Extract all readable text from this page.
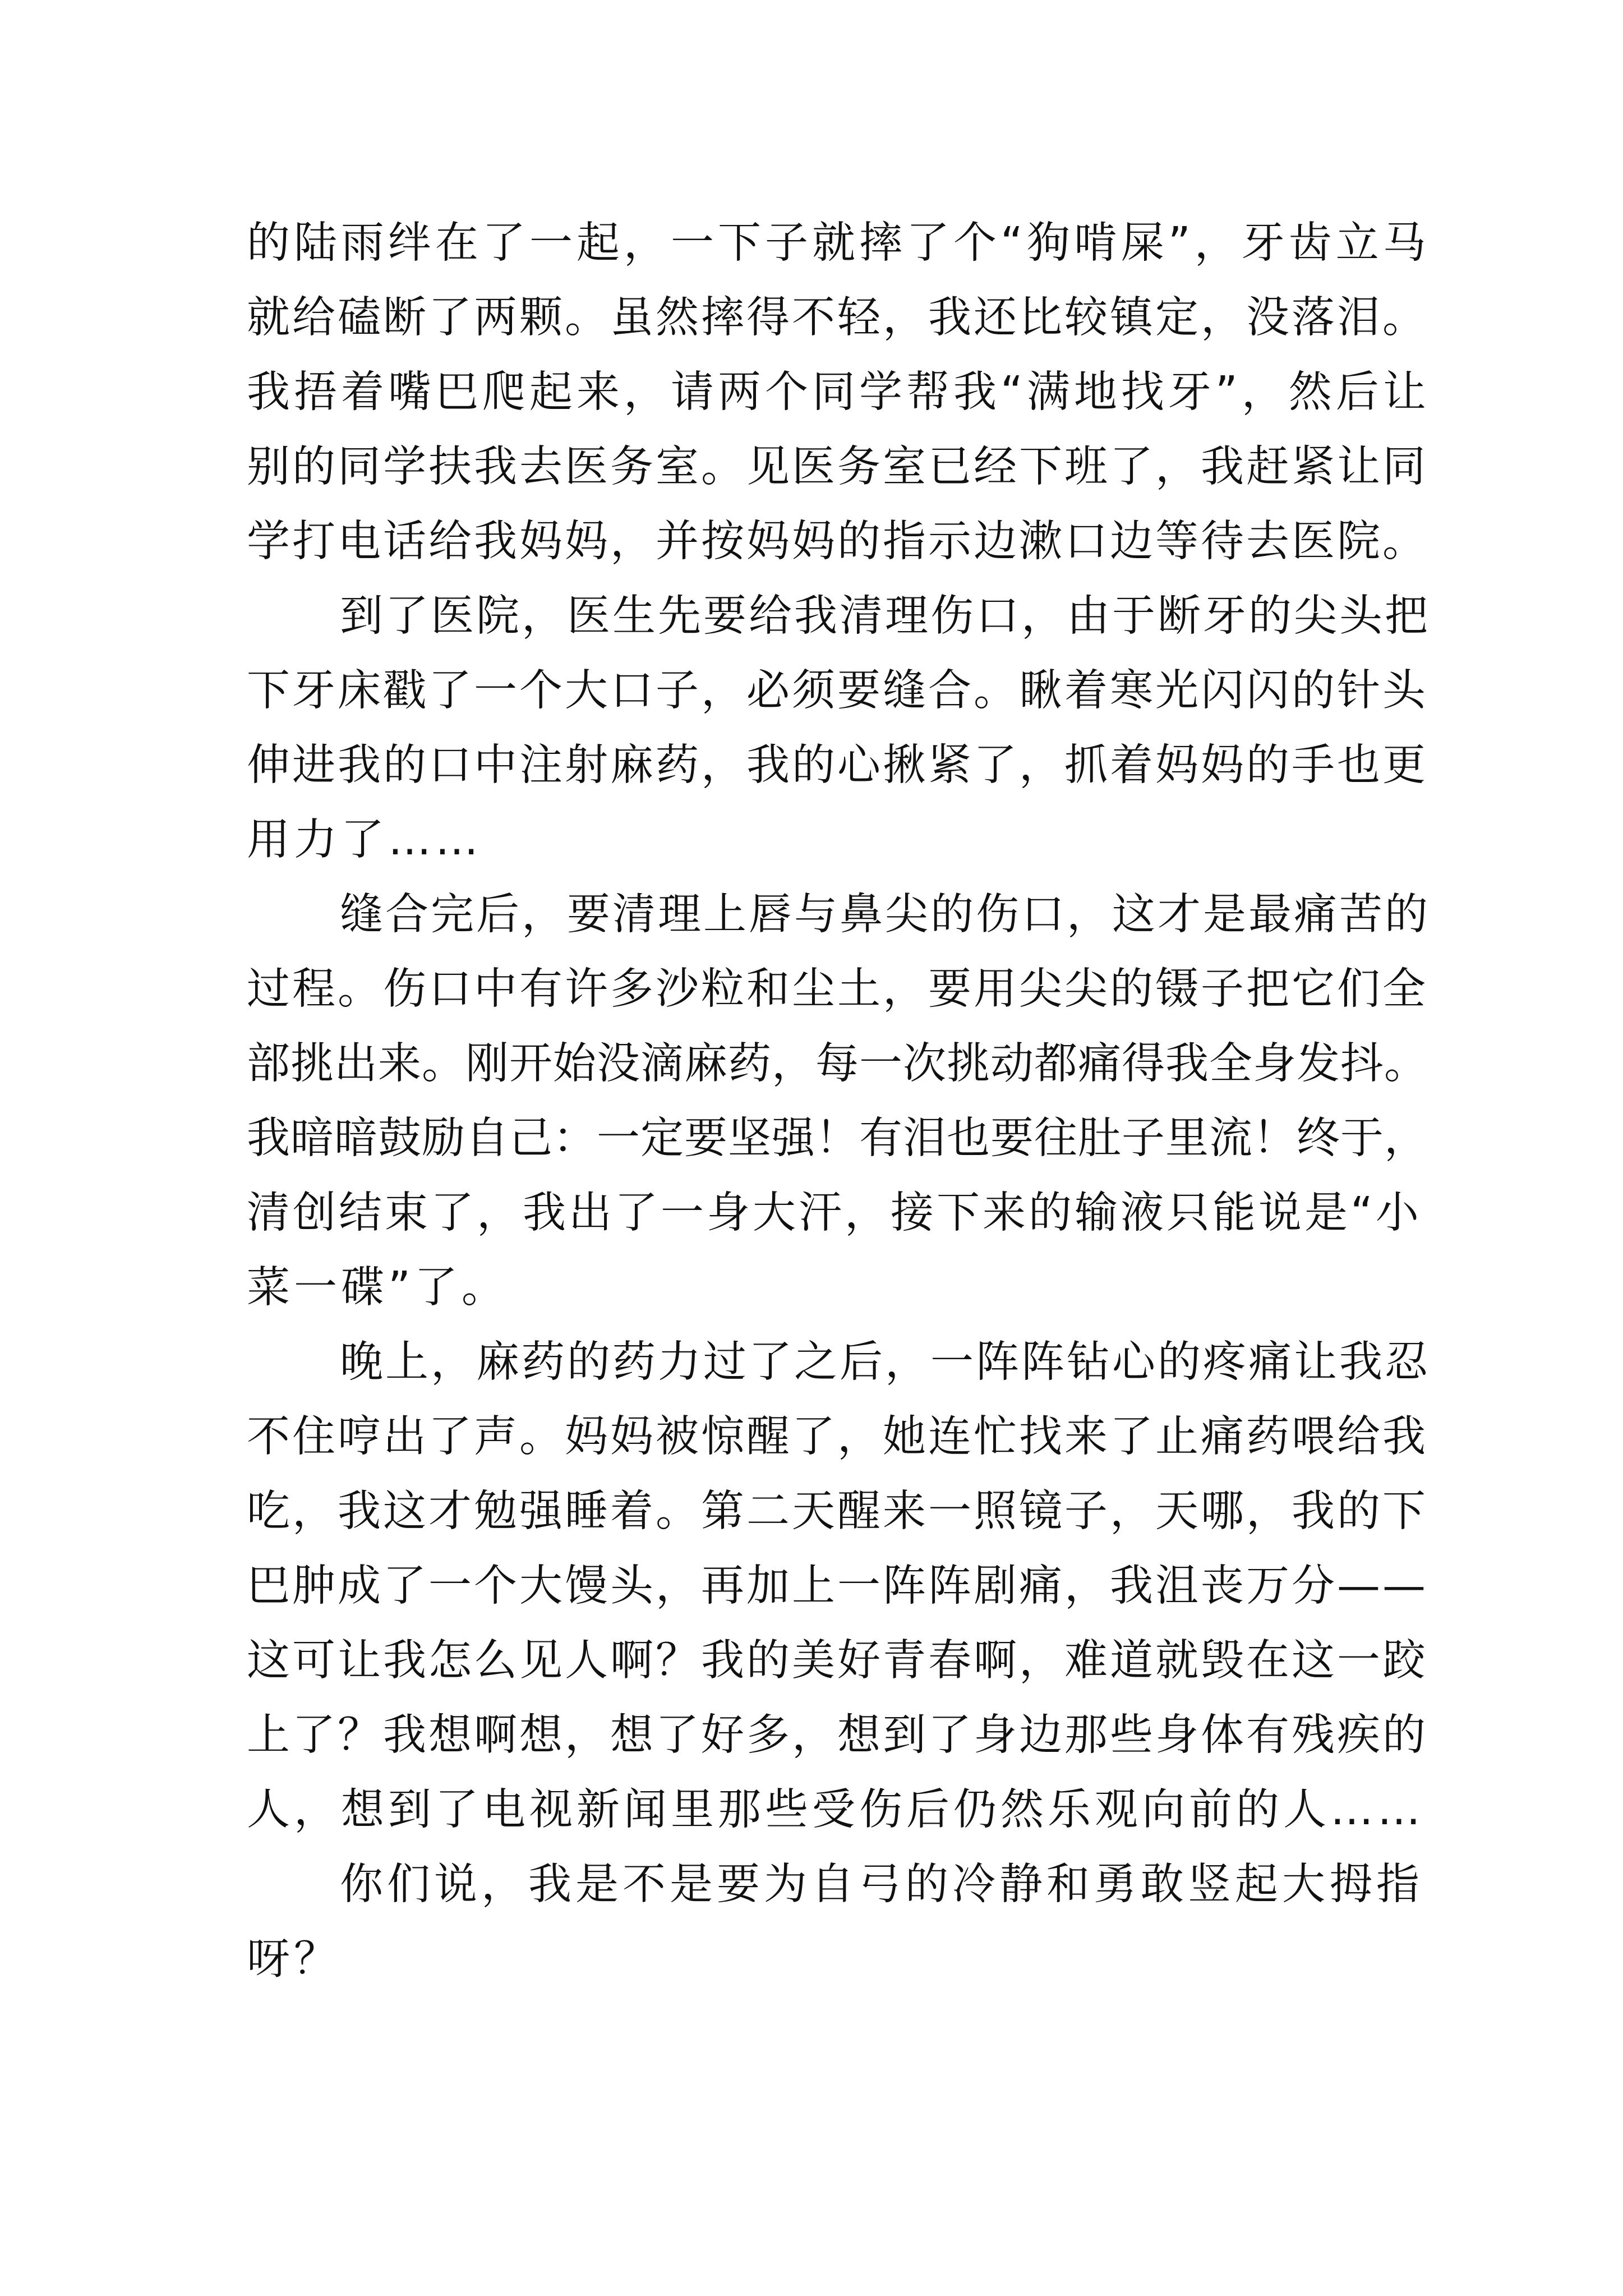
的陆雨绊在了一起，一下子就摔了个“狗啃屎”，牙齿立马
就给磕断了两颗。虽然摔得不轻，我还比较镇定，没落泪。
我捂着嘴巴爬起来，请两个同学帮我“满地找牙”，然后让
别的同学扶我去医务室。见医务室已经下班了，我赶紧让同
学打电话给我妈妈，并按妈妈的指示边漱口边等待去医院。
到了医院，医生先要给我清理伤口，由于断牙的尖头把
下牙床戳了一个大口子，必须要缝合。瞅着寒光闪闪的针头
伸进我的口中注射麻药，我的心揪紧了，抓着妈妈的手也更
用力了……
缝合完后，要清理上唇与鼻尖的伤口，这才是最痛苦的
过程。伤口中有许多沙粒和尘土，要用尖尖的镊子把它们全
部挑出来。刚开始没滴麻药，每一次挑动都痛得我全身发抖。
我暗暗鼓励自己：一定要坚强！有泪也要往肚子里流！终于，
清创结束了，我出了一身大汗，接下来的输液只能说是“小
菜一碟”了。
晚上，麻药的药力过了之后，一阵阵钻心的疼痛让我忍
不住哼出了声。妈妈被惊醒了，她连忙找来了止痛药喂给我
吃，我这才勉强睡着。第二天醒来一照镜子，天哪，我的下
巴肿成了一个大馒头，再加上一阵阵剧痛，我沮丧万分——
这可让我怎么见人啊？我的美好青春啊，难道就毁在这一跤
上了？我想啊想，想了好多，想到了身边那些身体有残疾的
人，想到了电视新闻里那些受伤后仍然乐观向前的人……
你们说，我是不是要为自弓的冷静和勇敢竖起大拇指
呀？
